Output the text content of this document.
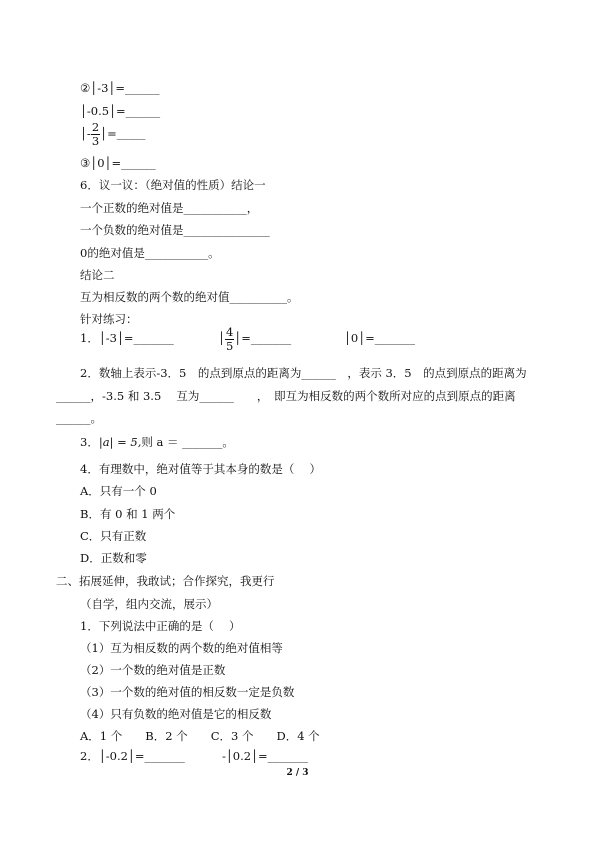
②│-3│=______
│-0.5│=______
│- $\frac{2}{3}$ │=_____
③│0│=______
6．议一议：（绝对值的性质）结论一
一个正数的绝对值是___________，
一个负数的绝对值是_______________
0的绝对值是___________。
结论二
互为相反数的两个数的绝对值__________。
针对练习：
1．│-3│=_______	│ $\frac{4}{5}$ │=_______	│0│=_______
2．数轴上表示-3．5　的点到原点的距离为______　，表示 3．5　的点到原点的距离为
______，-3.5 和 3.5　 互为______　　，　即互为相反数的两个数所对应的点到原点的距离
______。
3．|a| = 5,则 a ＝ _______。
4．有理数中，绝对值等于其本身的数是（　 ）
A．只有一个 0
B．有 0 和 1 两个
C．只有正数
D．正数和零
二、拓展延伸，我敢试；合作探究，我更行
（自学，组内交流，展示）
1．下列说法中正确的是（　 ）
（1）互为相反数的两个数的绝对值相等
（2）一个数的绝对值是正数
（3）一个数的绝对值的相反数一定是负数
（4）只有负数的绝对值是它的相反数
A．1 个　　B．2 个　　C．3 个　　D．4 个
2．│-0.2│=_______	-│0.2│=_______
2 / 3
